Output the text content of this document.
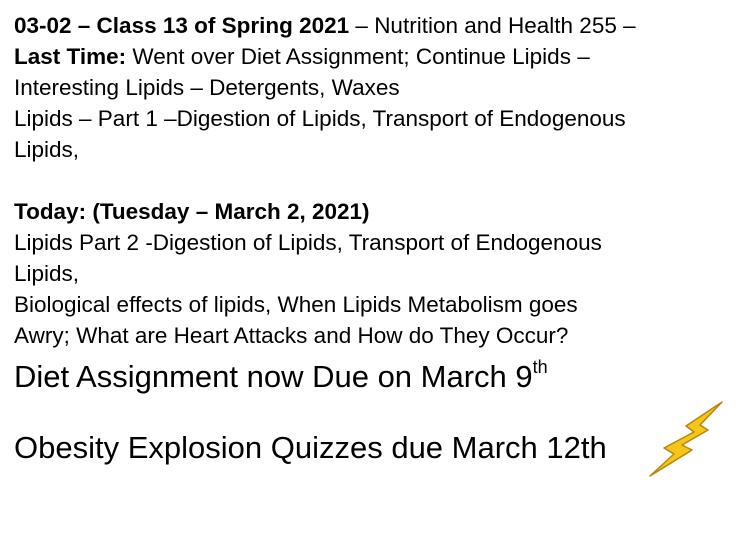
03-02 – Class 13 of Spring 2021 – Nutrition and Health 255 –
Last Time: Went over Diet Assignment; Continue Lipids –
Interesting Lipids – Detergents, Waxes
Lipids – Part 1 –Digestion of Lipids, Transport of Endogenous
Lipids,
Today: (Tuesday – March 2, 2021)
Lipids Part 2 -Digestion of Lipids, Transport of Endogenous
Lipids,
Biological effects of lipids, When Lipids Metabolism goes
Awry; What are Heart Attacks and How do They Occur?
Diet Assignment now Due on March 9th
Obesity Explosion Quizzes due March 12th
